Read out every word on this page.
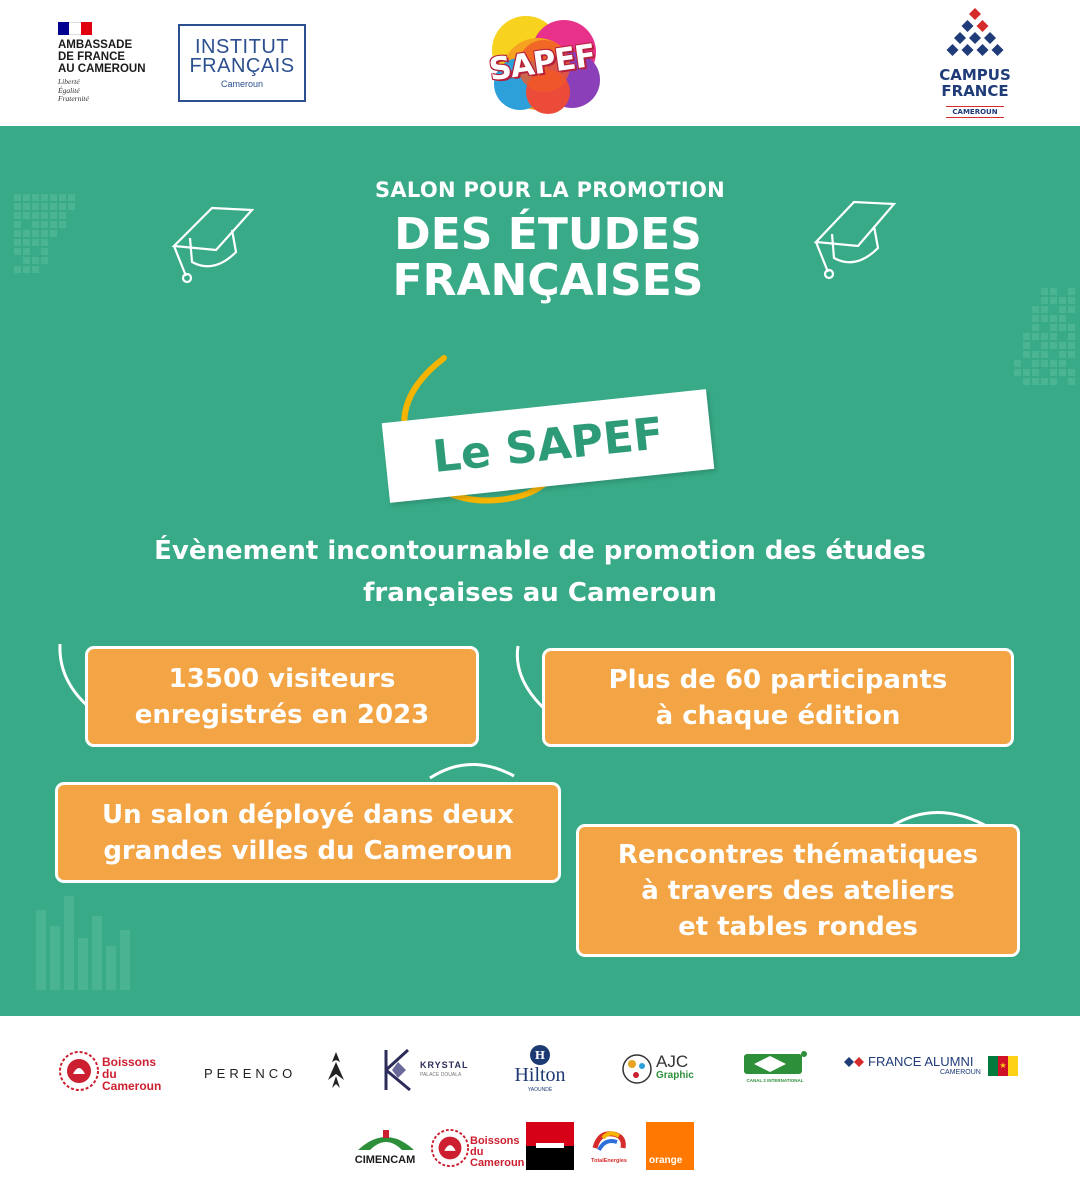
AMBASSADE
DE FRANCE
AU CAMEROUN
Liberté
Égalité
Fraternité
INSTITUT
FRANÇAIS
Cameroun	SAPEF	CAMPUS
FRANCE
CAMEROUN
SALON POUR LA PROMOTION
DES ÉTUDES
FRANÇAISES
Le SAPEF
Évènement incontournable de promotion des études
françaises au Cameroun
13500 visiteurs
enregistrés en 2023
Plus de 60 participants
à chaque édition
Un salon déployé dans deux
grandes villes du Cameroun	Rencontres thématiques
à travers des ateliers
et tables rondes
Boissons
du Cameroun
PERENCO
KRYSTAL
PALACE DOUALA
H
Hilton
YAOUNDÉ
AJC
Graphic	CANAL 2 INTERNATIONAL
FRANCE ALUMNI
CAMEROUN
★
CIMENCAM
Boissons
du Cameroun	TotalEnergies	orange
